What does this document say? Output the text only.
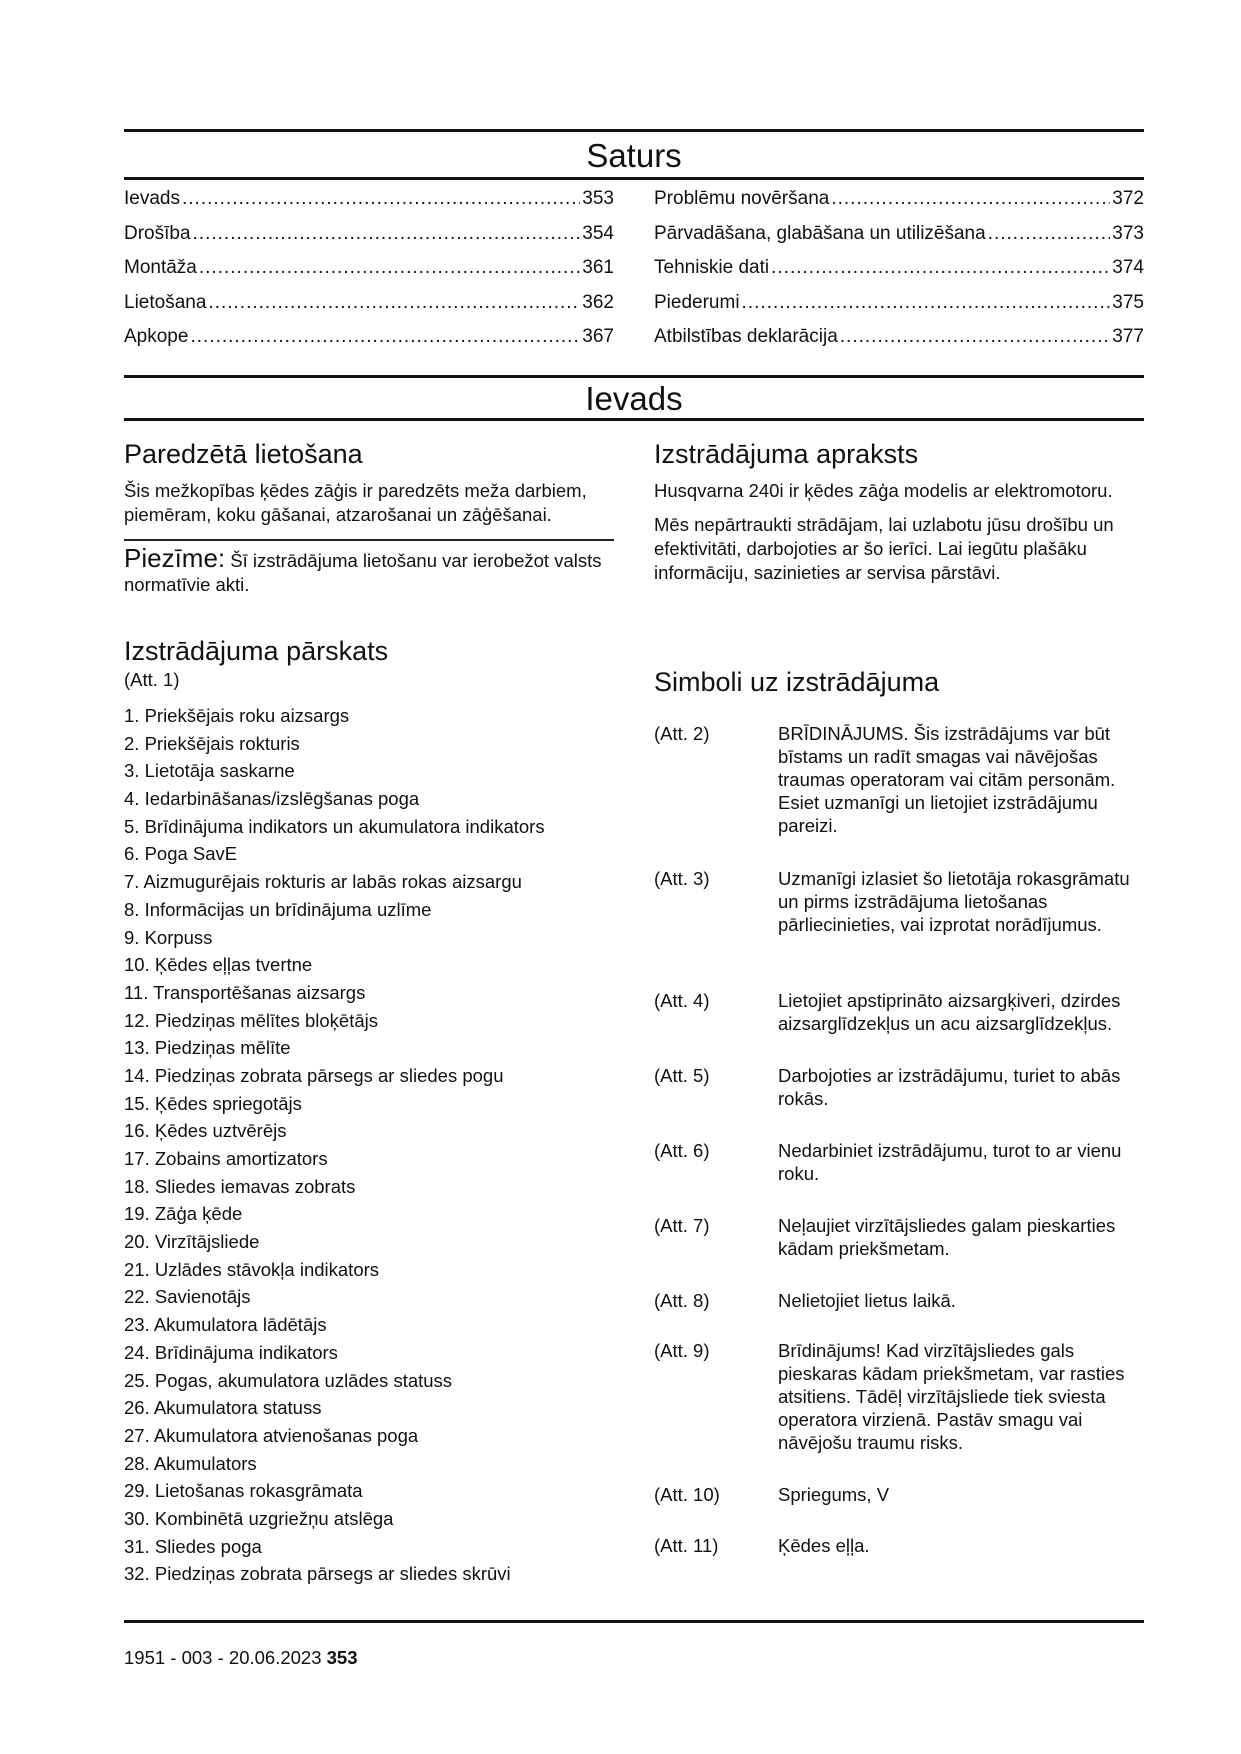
Saturs
Ievads .....	353
Drošība .....	354
Montāža .....	361
Lietošana .....	362
Apkope .....	367
Problēmu novēršana .....	372
Pārvadāšana, glabāšana un utilizēšana .....	373
Tehniskie dati .....	374
Piederumi .....	375
Atbilstības deklarācija .....	377
Ievads
Paredzētā lietošana

Šis mežkopības ķēdes zāģis ir paredzēts meža darbiem, piemēram, koku gāšanai, atzarošanai un zāģēšanai.

Piezīme: Šī izstrādājuma lietošanu var ierobežot valsts normatīvie akti.

Izstrādājuma apraksts

Husqvarna 240i ir ķēdes zāģa modelis ar elektromotoru.

Mēs nepārtraukti strādājam, lai uzlabotu jūsu drošību un efektivitāti, darbojoties ar šo ierīci. Lai iegūtu plašāku informāciju, sazinieties ar servisa pārstāvi.

Izstrādājuma pārskats

(Att. 1)

1. Priekšējais roku aizsargs
2. Priekšējais rokturis
3. Lietotāja saskarne
4. Iedarbināšanas/izslēgšanas poga
5. Brīdinājuma indikators un akumulatora indikators
6. Poga SavE
7. Aizmugurējais rokturis ar labās rokas aizsargu
8. Informācijas un brīdinājuma uzlīme
9. Korpuss
10. Ķēdes eļļas tvertne
11. Transportēšanas aizsargs
12. Piedziņas mēlītes bloķētājs
13. Piedziņas mēlīte
14. Piedziņas zobrata pārsegs ar sliedes pogu
15. Ķēdes spriegotājs
16. Ķēdes uztvērējs
17. Zobains amortizators
18. Sliedes iemavas zobrats
19. Zāģa ķēde
20. Virzītājsliede
21. Uzlādes stāvokļa indikators
22. Savienotājs
23. Akumulatora lādētājs
24. Brīdinājuma indikators
25. Pogas, akumulatora uzlādes statuss
26. Akumulatora statuss
27. Akumulatora atvienošanas poga
28. Akumulators
29. Lietošanas rokasgrāmata
30. Kombinētā uzgriežņu atslēga
31. Sliedes poga
32. Piedziņas zobrata pārsegs ar sliedes skrūvi
Simboli uz izstrādājuma
(Att. 2)	BRĪDINĀJUMS. Šis izstrādājums var būt bīstams un radīt smagas vai nāvējošas traumas operatoram vai citām personām. Esiet uzmanīgi un lietojiet izstrādājumu pareizi.
(Att. 3)	Uzmanīgi izlasiet šo lietotāja rokasgrāmatu un pirms izstrādājuma lietošanas pārliecinieties, vai izprotat norādījumus.
(Att. 4)	Lietojiet apstiprināto aizsargķiveri, dzirdes aizsarglīdzekļus un acu aizsarglīdzekļus.
(Att. 5)	Darbojoties ar izstrādājumu, turiet to abās rokās.
(Att. 6)	Nedarbiniet izstrādājumu, turot to ar vienu roku.
(Att. 7)	Neļaujiet virzītājsliedes galam pieskarties kādam priekšmetam.
(Att. 8)	Nelietojiet lietus laikā.
(Att. 9)	Brīdinājums! Kad virzītājsliedes gals pieskaras kādam priekšmetam, var rasties atsitiens. Tādēļ virzītājsliede tiek sviesta operatora virzienā. Pastāv smagu vai nāvējošu traumu risks.
(Att. 10)	Spriegums, V
(Att. 11)	Ķēdes eļļa.
1951 - 003 - 20.06.2023 353
